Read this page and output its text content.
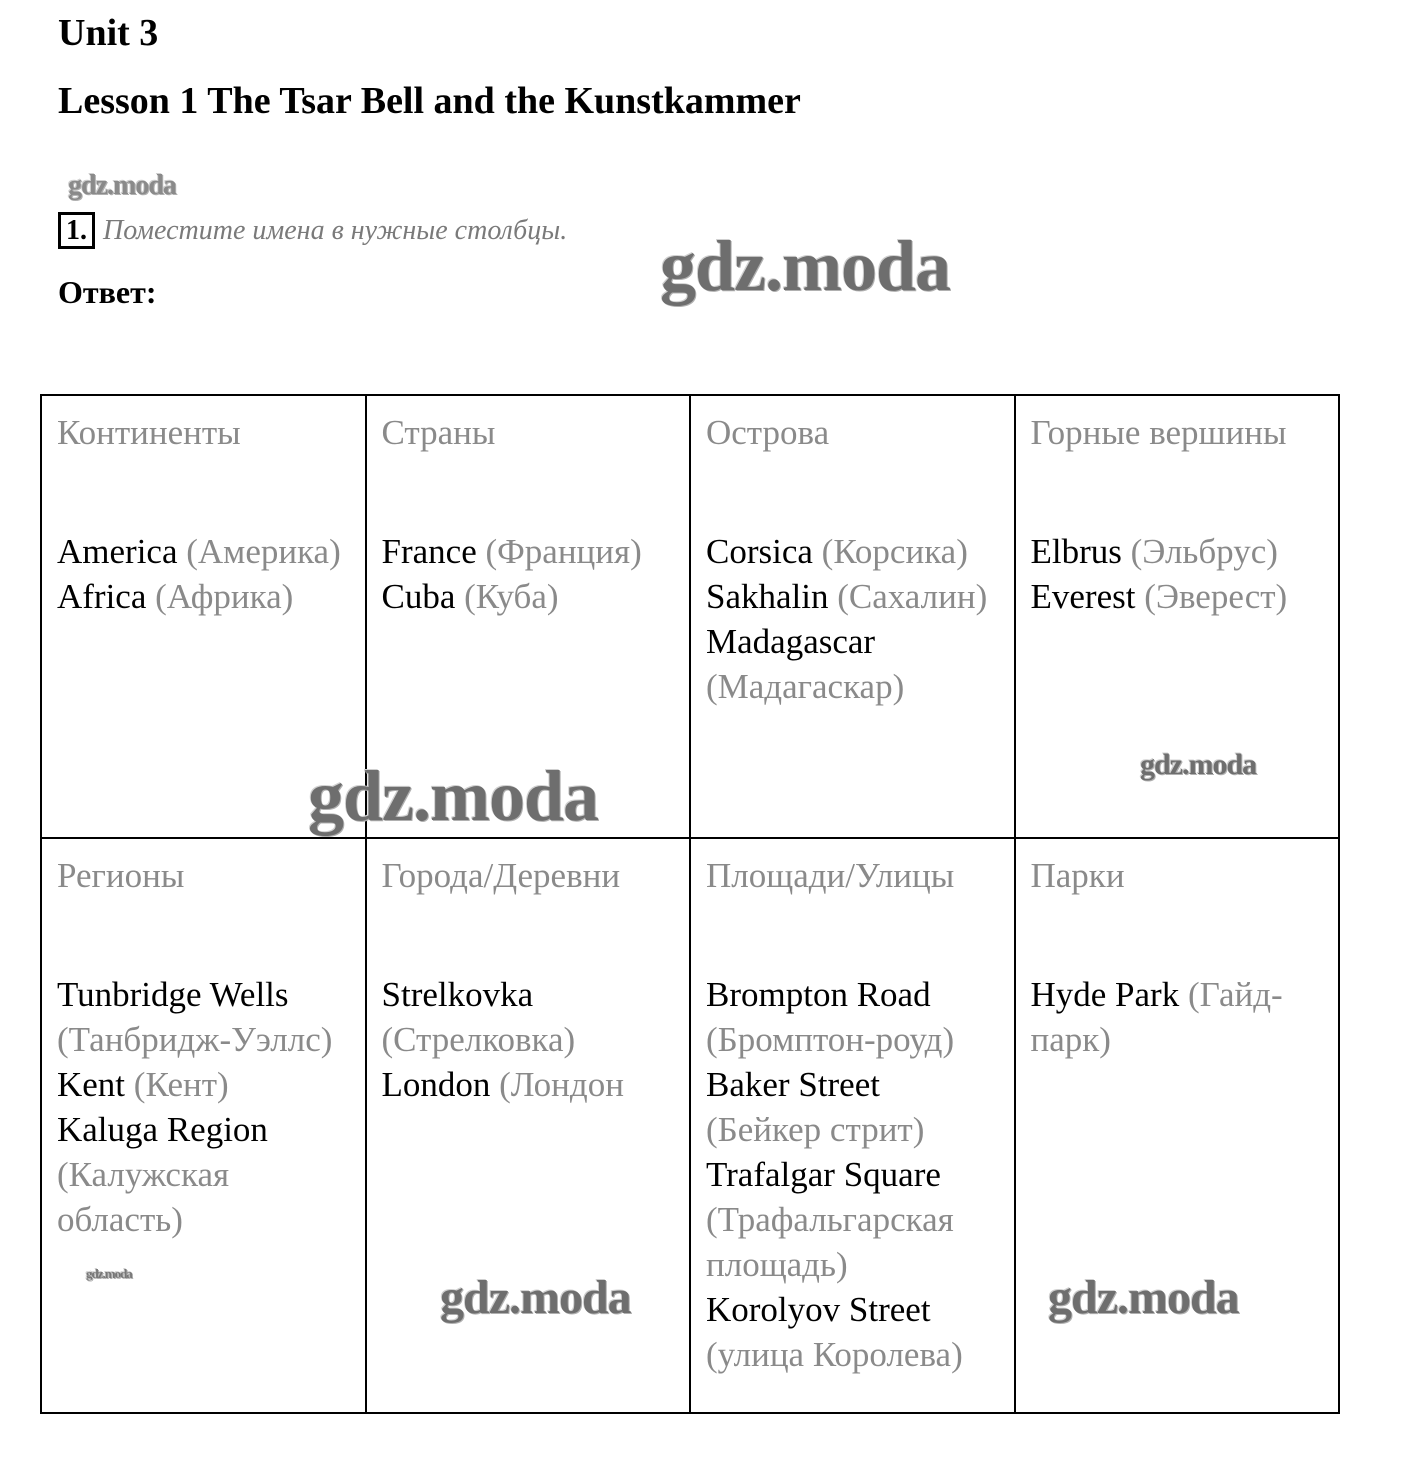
Unit 3
Lesson 1 The Tsar Bell and the Kunstkammer
gdz.moda
1. Поместите имена в нужные столбцы. gdz.moda

Ответ:

Континенты
America (Америка)
Africa (Африка)	Страны
France (Франция)
Cuba (Куба)	Острова
Corsica (Корсика)
Sakhalin (Сахалин)
Madagascar (Мадагаскар)	Горные вершины
Elbrus (Эльбрус)
Everest (Эверест)

Регионы
Tunbridge Wells (Танбридж-Уэллс)
Kent (Кент)
Kaluga Region (Калужская область)	Города/Деревни
Strelkovka (Стрелковка)
London (Лондон	Площади/Улицы
Brompton Road (Бромптон-роуд)
Baker Street (Бейкер стрит)
Trafalgar Square (Трафальгарская площадь)
Korolyov Street (улица Королева)	Парки
Hyde Park (Гайд-парк)
gdz.moda	gdz.moda
gdz.moda	gdz.moda	gdz.moda
